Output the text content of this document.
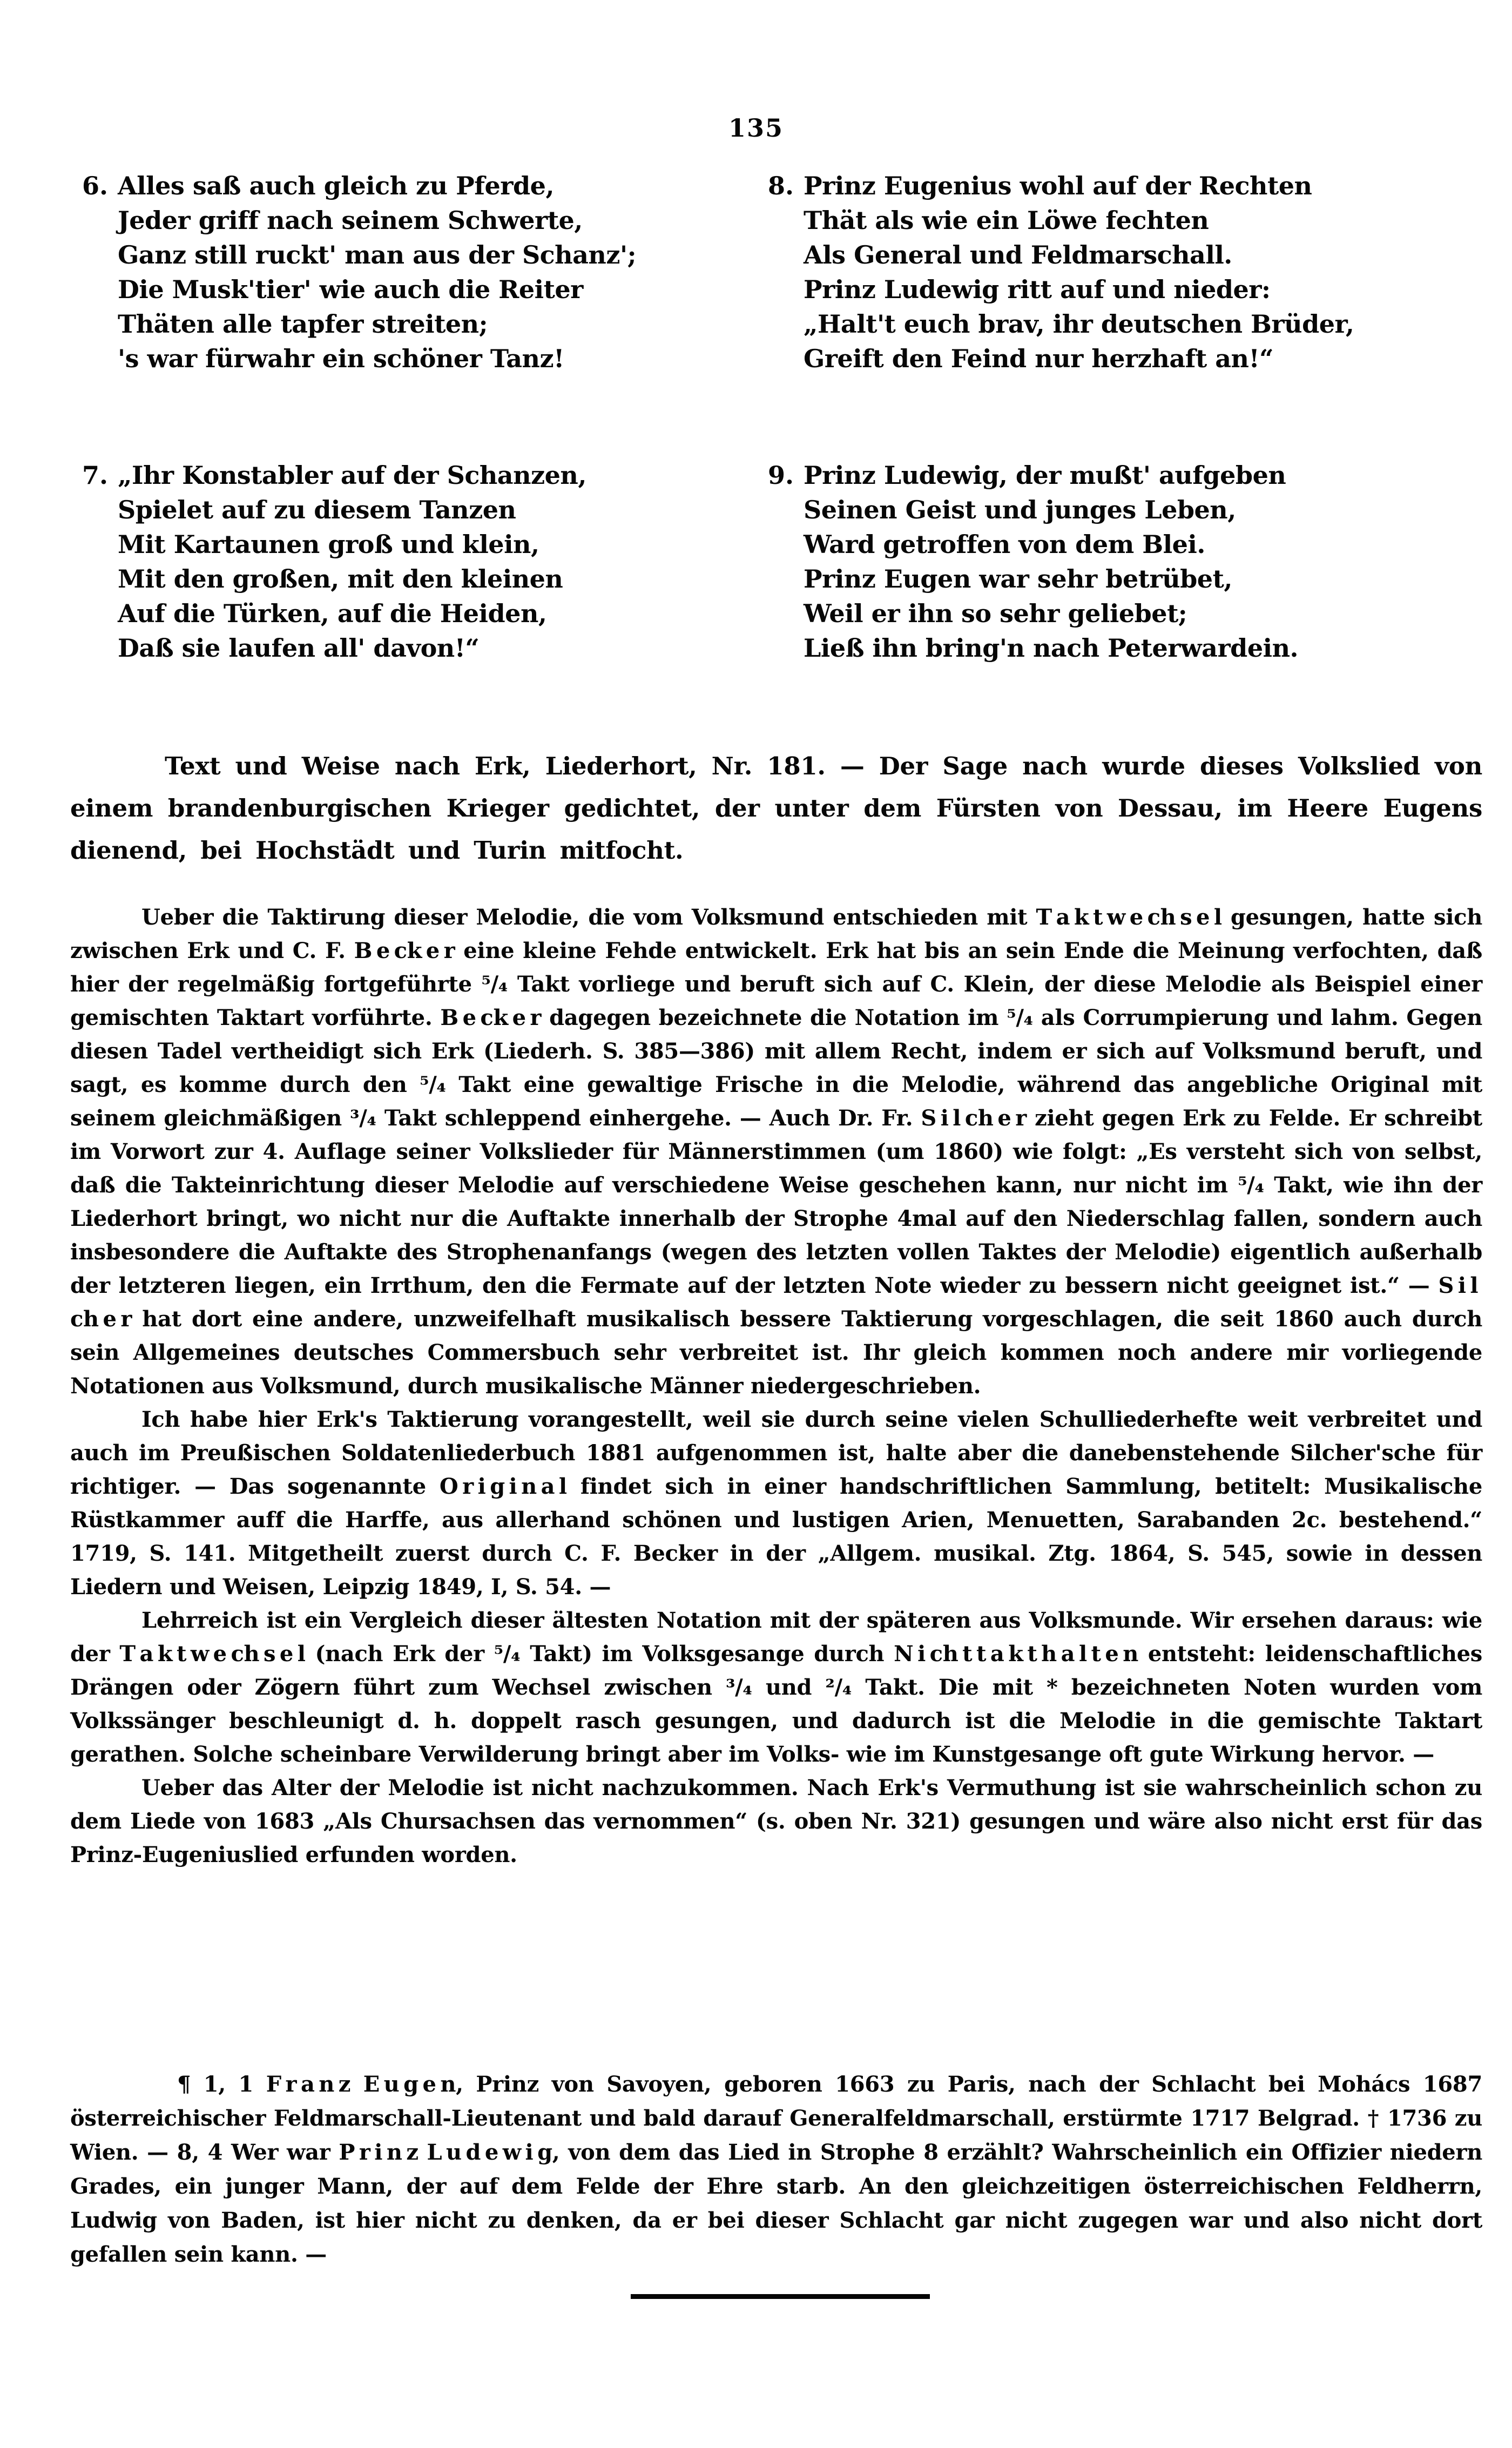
135
6. Alles saß auch gleich zu Pferde,
Jeder griff nach seinem Schwerte,
Ganz still ruckt' man aus der Schanz';
Die Musk'tier' wie auch die Reiter
Thäten alle tapfer streiten;
's war fürwahr ein schöner Tanz!
8. Prinz Eugenius wohl auf der Rechten
Thät als wie ein Löwe fechten
Als General und Feldmarschall.
Prinz Ludewig ritt auf und nieder:
„Halt't euch brav, ihr deutschen Brüder,
Greift den Feind nur herzhaft an!“
7. „Ihr Konstabler auf der Schanzen,
Spielet auf zu diesem Tanzen
Mit Kartaunen groß und klein,
Mit den großen, mit den kleinen
Auf die Türken, auf die Heiden,
Daß sie laufen all' davon!“
9. Prinz Ludewig, der mußt' aufgeben
Seinen Geist und junges Leben,
Ward getroffen von dem Blei.
Prinz Eugen war sehr betrübet,
Weil er ihn so sehr geliebet;
Ließ ihn bring'n nach Peterwardein.

Text und Weise nach Erk, Liederhort, Nr. 181. — Der Sage nach wurde dieses Volkslied von einem brandenburgischen Krieger gedichtet, der unter dem Fürsten von Dessau, im Heere Eugens dienend, bei Hochstädt und Turin mitfocht.

Ueber die Taktirung dieser Melodie, die vom Volksmund entschieden mit T a k t w e ch s e l gesungen, hatte sich zwischen Erk und C. F. B e ck e r eine kleine Fehde entwickelt. Erk hat bis an sein Ende die Meinung verfochten, daß hier der regelmäßig fortgeführte ⁵/₄ Takt vorliege und beruft sich auf C. Klein, der diese Melodie als Beispiel einer gemischten Taktart vorführte. B e ck e r dagegen bezeichnete die Notation im ⁵/₄ als Corrumpierung und lahm. Gegen diesen Tadel vertheidigt sich Erk (Liederh. S. 385—386) mit allem Recht, indem er sich auf Volksmund beruft, und sagt, es komme durch den ⁵/₄ Takt eine gewaltige Frische in die Melodie, während das angebliche Original mit seinem gleichmäßigen ³/₄ Takt schleppend einhergehe. — Auch Dr. Fr. S i l ch e r zieht gegen Erk zu Felde. Er schreibt im Vorwort zur 4. Auflage seiner Volkslieder für Männerstimmen (um 1860) wie folgt: „Es versteht sich von selbst, daß die Takteinrichtung dieser Melodie auf verschiedene Weise geschehen kann, nur nicht im ⁵/₄ Takt, wie ihn der Liederhort bringt, wo nicht nur die Auftakte innerhalb der Strophe 4mal auf den Niederschlag fallen, sondern auch insbesondere die Auftakte des Strophenanfangs (wegen des letzten vollen Taktes der Melodie) eigentlich außerhalb der letzteren liegen, ein Irrthum, den die Fermate auf der letzten Note wieder zu bessern nicht geeignet ist.“ — S i l ch e r hat dort eine andere, unzweifelhaft musikalisch bessere Taktierung vorgeschlagen, die seit 1860 auch durch sein Allgemeines deutsches Commersbuch sehr verbreitet ist. Ihr gleich kommen noch andere mir vorliegende Notationen aus Volksmund, durch musikalische Männer niedergeschrieben.

Ich habe hier Erk's Taktierung vorangestellt, weil sie durch seine vielen Schulliederhefte weit verbreitet und auch im Preußischen Soldatenliederbuch 1881 aufgenommen ist, halte aber die danebenstehende Silcher'sche für richtiger. — Das sogenannte O r i g i n a l findet sich in einer handschriftlichen Sammlung, betitelt: Musikalische Rüstkammer auff die Harffe, aus allerhand schönen und lustigen Arien, Menuetten, Sarabanden 2c. bestehend.“ 1719, S. 141. Mitgetheilt zuerst durch C. F. Becker in der „Allgem. musikal. Ztg. 1864, S. 545, sowie in dessen Liedern und Weisen, Leipzig 1849, I, S. 54. —

Lehrreich ist ein Vergleich dieser ältesten Notation mit der späteren aus Volksmunde. Wir ersehen daraus: wie der T a k t w e ch s e l (nach Erk der ⁵/₄ Takt) im Volksgesange durch N i ch t t a k t h a l t e n entsteht: leidenschaftliches Drängen oder Zögern führt zum Wechsel zwischen ³/₄ und ²/₄ Takt. Die mit * bezeichneten Noten wurden vom Volkssänger beschleunigt d. h. doppelt rasch gesungen, und dadurch ist die Melodie in die gemischte Taktart gerathen. Solche scheinbare Verwilderung bringt aber im Volks- wie im Kunstgesange oft gute Wirkung hervor. —

Ueber das Alter der Melodie ist nicht nachzukommen. Nach Erk's Vermuthung ist sie wahrscheinlich schon zu dem Liede von 1683 „Als Chursachsen das vernommen“ (s. oben Nr. 321) gesungen und wäre also nicht erst für das Prinz-Eugeniuslied erfunden worden.

¶ 1, 1 F r a n z E u g e n, Prinz von Savoyen, geboren 1663 zu Paris, nach der Schlacht bei Mohács 1687 österreichischer Feldmarschall-Lieutenant und bald darauf Generalfeldmarschall, erstürmte 1717 Belgrad. † 1736 zu Wien. — 8, 4 Wer war P r i n z L u d e w i g, von dem das Lied in Strophe 8 erzählt? Wahrscheinlich ein Offizier niedern Grades, ein junger Mann, der auf dem Felde der Ehre starb. An den gleichzeitigen österreichischen Feldherrn, Ludwig von Baden, ist hier nicht zu denken, da er bei dieser Schlacht gar nicht zugegen war und also nicht dort gefallen sein kann. —
